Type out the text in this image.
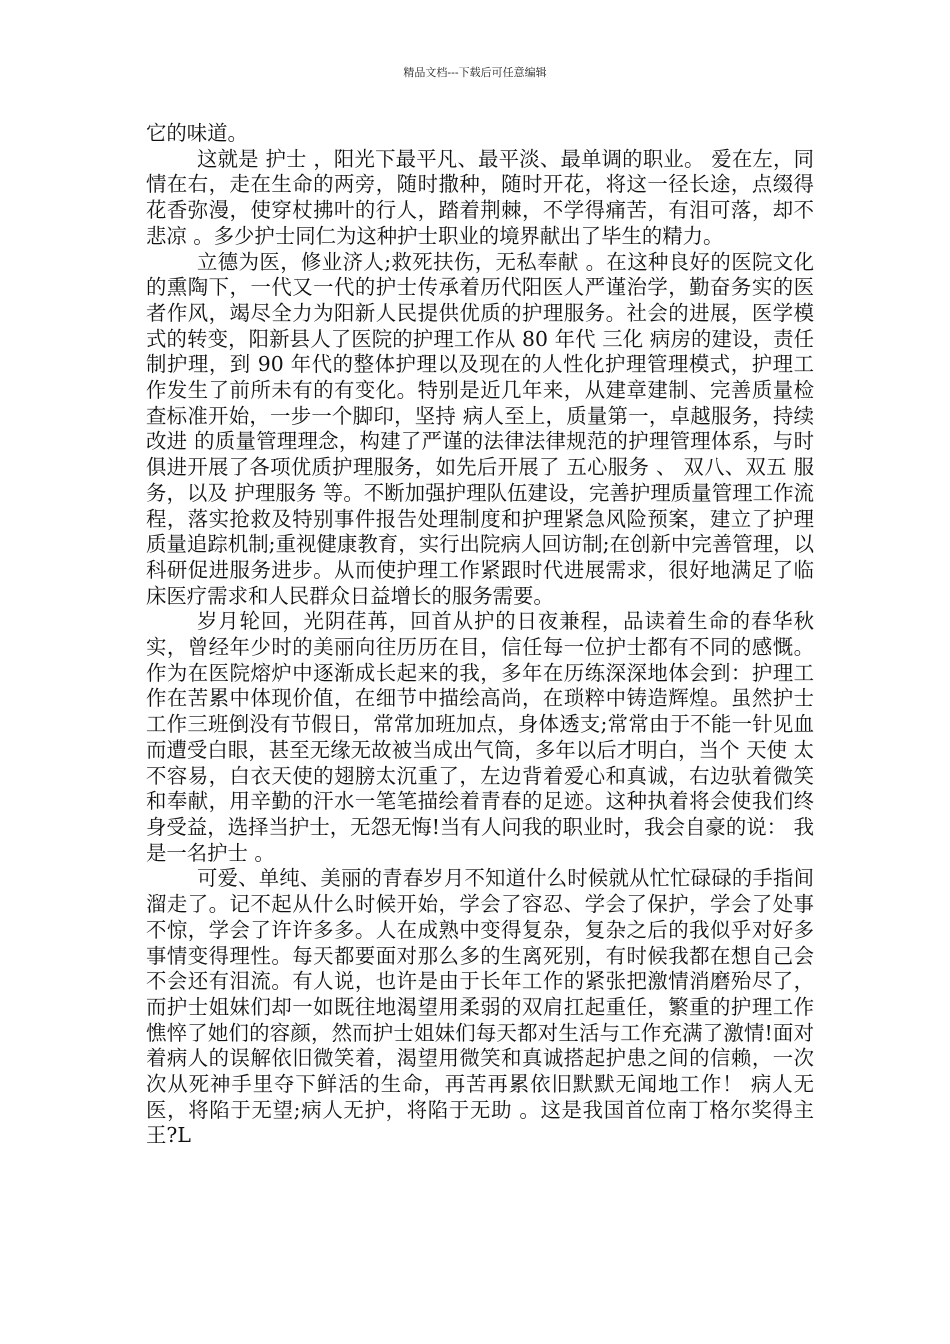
精品文档---下载后可任意编辑

它的味道。

这就是 护士 ，阳光下最平凡、最平淡、最单调的职业。 爱在左，同情在右，走在生命的两旁，随时撒种，随时开花，将这一径长途，点缀得花香弥漫，使穿杖拂叶的行人，踏着荆棘，不学得痛苦，有泪可落，却不悲凉 。多少护士同仁为这种护士职业的境界献出了毕生的精力。

立德为医，修业济人;救死扶伤，无私奉献 。在这种良好的医院文化的熏陶下，一代又一代的护士传承着历代阳医人严谨治学，勤奋务实的医者作风，竭尽全力为阳新人民提供优质的护理服务。社会的进展，医学模式的转变，阳新县人了医院的护理工作从 80 年代 三化 病房的建设，责任制护理，到 90 年代的整体护理以及现在的人性化护理管理模式，护理工作发生了前所未有的有变化。特别是近几年来，从建章建制、完善质量检查标准开始，一步一个脚印，坚持 病人至上，质量第一，卓越服务，持续改进 的质量管理理念，构建了严谨的法律法律规范的护理管理体系，与时俱进开展了各项优质护理服务，如先后开展了 五心服务 、 双八、双五 服务，以及 护理服务 等。不断加强护理队伍建设，完善护理质量管理工作流程，落实抢救及特别事件报告处理制度和护理紧急风险预案，建立了护理质量追踪机制;重视健康教育，实行出院病人回访制;在创新中完善管理，以科研促进服务进步。从而使护理工作紧跟时代进展需求，很好地满足了临床医疗需求和人民群众日益增长的服务需要。

岁月轮回，光阴荏苒，回首从护的日夜兼程，品读着生命的春华秋实，曾经年少时的美丽向往历历在目，信任每一位护士都有不同的感慨。作为在医院熔炉中逐渐成长起来的我，多年在历练深深地体会到：护理工作在苦累中体现价值，在细节中描绘高尚，在琐粹中铸造辉煌。虽然护士工作三班倒没有节假日，常常加班加点，身体透支;常常由于不能一针见血而遭受白眼，甚至无缘无故被当成出气筒，多年以后才明白，当个 天使 太不容易，白衣天使的翅膀太沉重了，左边背着爱心和真诚，右边驮着微笑和奉献，用辛勤的汗水一笔笔描绘着青春的足迹。这种执着将会使我们终身受益，选择当护士，无怨无悔!当有人问我的职业时，我会自豪的说： 我是一名护士 。

可爱、单纯、美丽的青春岁月不知道什么时候就从忙忙碌碌的手指间溜走了。记不起从什么时候开始，学会了容忍、学会了保护，学会了处事不惊，学会了许许多多。人在成熟中变得复杂，复杂之后的我似乎对好多事情变得理性。每天都要面对那么多的生离死别，有时候我都在想自己会不会还有泪流。有人说，也许是由于长年工作的紧张把激情消磨殆尽了，而护士姐妹们却一如既往地渴望用柔弱的双肩扛起重任，繁重的护理工作憔悴了她们的容颜，然而护士姐妹们每天都对生活与工作充满了激情!面对着病人的误解依旧微笑着，渴望用微笑和真诚搭起护患之间的信赖，一次次从死神手里夺下鲜活的生命，再苦再累依旧默默无闻地工作！ 病人无医，将陷于无望;病人无护，将陷于无助 。这是我国首位南丁格尔奖得主王?L
